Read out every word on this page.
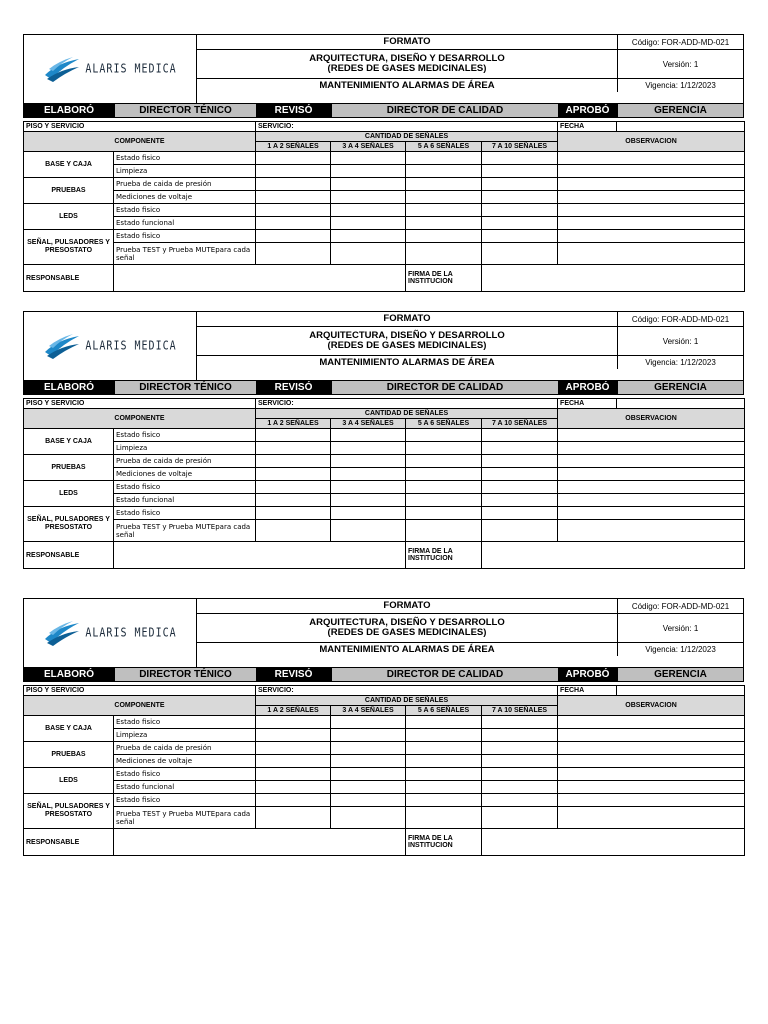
ALARIS MEDICA
FORMATO	Código: FOR-ADD-MD-021
ARQUITECTURA, DISEÑO Y DESARROLLO
(REDES DE GASES MEDICINALES)	Versión: 1
MANTENIMIENTO ALARMAS DE ÁREA	Vigencia: 1/12/2023
ELABORÓ	DIRECTOR TÉNICO	REVISÓ	DIRECTOR DE CALIDAD	APROBÓ	GERENCIA
PISO Y SERVICIO		SERVICIO:				FECHA	
COMPONENTE		CANTIDAD DE SEÑALES				OBSERVACION	
		1 A 2 SEÑALES	3 A 4 SEÑALES	5 A 6 SEÑALES	7 A 10 SEÑALES		
BASE Y CAJA	Estado fisico						
	Limpieza						
PRUEBAS	Prueba de caida de presión						
	Mediciones de voltaje						
LEDS	Estado fisico						
	Estado funcional						
SEÑAL, PULSADORES Y PRESOSTATO	Estado fisico						
	Prueba TEST y Prueba MUTEpara cada señal						
RESPONSABLE				FIRMA DE LA INSTITUCION			
ALARIS MEDICA
FORMATO	Código: FOR-ADD-MD-021
ARQUITECTURA, DISEÑO Y DESARROLLO
(REDES DE GASES MEDICINALES)	Versión: 1
MANTENIMIENTO ALARMAS DE ÁREA	Vigencia: 1/12/2023
ELABORÓ	DIRECTOR TÉNICO	REVISÓ	DIRECTOR DE CALIDAD	APROBÓ	GERENCIA
PISO Y SERVICIO		SERVICIO:				FECHA	
COMPONENTE		CANTIDAD DE SEÑALES				OBSERVACION	
		1 A 2 SEÑALES	3 A 4 SEÑALES	5 A 6 SEÑALES	7 A 10 SEÑALES		
BASE Y CAJA	Estado fisico						
	Limpieza						
PRUEBAS	Prueba de caida de presión						
	Mediciones de voltaje						
LEDS	Estado fisico						
	Estado funcional						
SEÑAL, PULSADORES Y PRESOSTATO	Estado fisico						
	Prueba TEST y Prueba MUTEpara cada señal						
RESPONSABLE				FIRMA DE LA INSTITUCION			
ALARIS MEDICA
FORMATO	Código: FOR-ADD-MD-021
ARQUITECTURA, DISEÑO Y DESARROLLO
(REDES DE GASES MEDICINALES)	Versión: 1
MANTENIMIENTO ALARMAS DE ÁREA	Vigencia: 1/12/2023
ELABORÓ	DIRECTOR TÉNICO	REVISÓ	DIRECTOR DE CALIDAD	APROBÓ	GERENCIA
PISO Y SERVICIO		SERVICIO:				FECHA	
COMPONENTE		CANTIDAD DE SEÑALES				OBSERVACION	
		1 A 2 SEÑALES	3 A 4 SEÑALES	5 A 6 SEÑALES	7 A 10 SEÑALES		
BASE Y CAJA	Estado fisico						
	Limpieza						
PRUEBAS	Prueba de caida de presión						
	Mediciones de voltaje						
LEDS	Estado fisico						
	Estado funcional						
SEÑAL, PULSADORES Y PRESOSTATO	Estado fisico						
	Prueba TEST y Prueba MUTEpara cada señal						
RESPONSABLE				FIRMA DE LA INSTITUCION			
